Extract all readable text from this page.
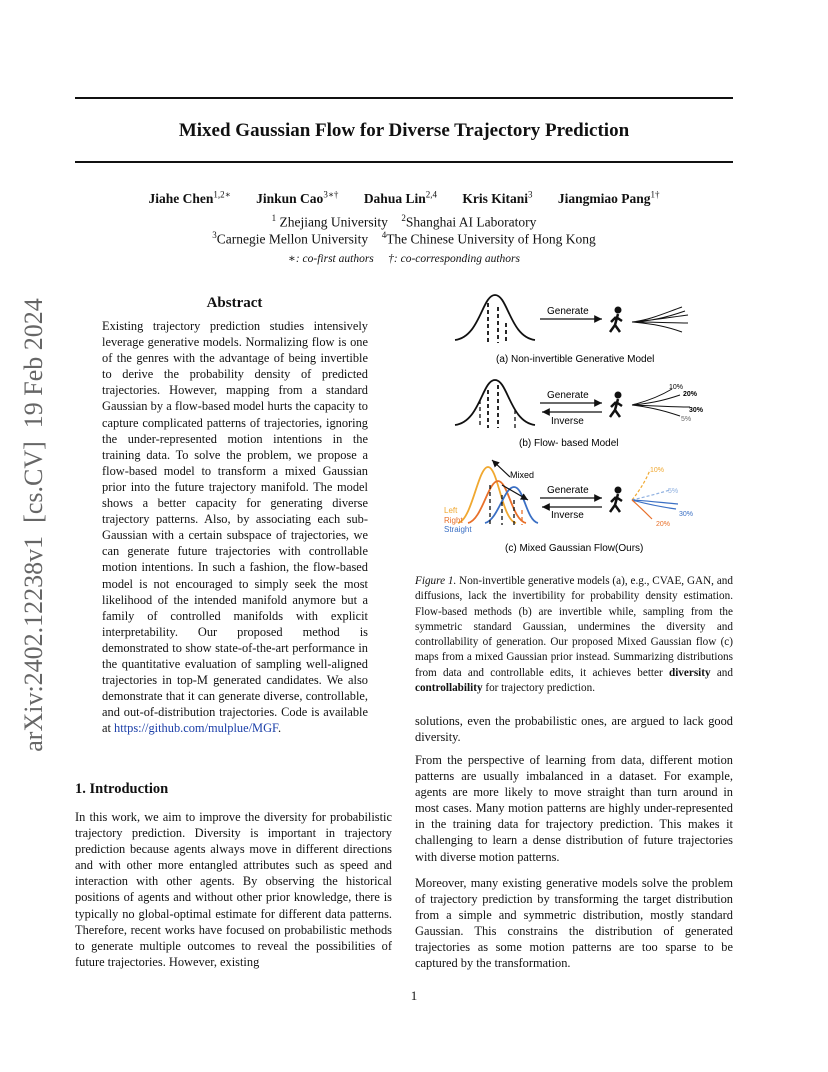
Mixed Gaussian Flow for Diverse Trajectory Prediction
Jiahe Chen$^{1,2∗}$ Jinkun Cao$^{3∗\dagger}$ Dahua Lin$^{2,4}$ Kris Kitani$^3$ Jiangmiao Pang$^{1\dagger}$
$^1$ Zhejiang University $^2$Shanghai AI Laboratory
$^3$Carnegie Mellon University $^4$The Chinese University of Hong Kong
∗: co-first authors     †: co-corresponding authors
arXiv:2402.12238v1  [cs.CV]  19 Feb 2024	Abstract
Existing trajectory prediction studies intensively leverage generative models. Normalizing flow is one of the genres with the advantage of being invertible to derive the probability density of predicted trajectories. However, mapping from a standard Gaussian by a flow-based model hurts the capacity to capture complicated patterns of trajectories, ignoring the under-represented motion intentions in the training data. To solve the problem, we propose a flow-based model to transform a mixed Gaussian prior into the future trajectory manifold. The model shows a better capacity for generating diverse trajectory patterns. Also, by associating each sub-Gaussian with a certain subspace of trajectories, we can generate future trajectories with controllable motion intentions. In such a fashion, the flow-based model is not encouraged to simply seek the most likelihood of the intended manifold anymore but a family of controlled manifolds with explicit interpretability. Our proposed method is demonstrated to show state-of-the-art performance in the quantitative evaluation of sampling well-aligned trajectories in top-M generated candidates. We also demonstrate that it can generate diverse, controllable, and out-of-distribution trajectories. Code is available at https://github.com/mulplue/MGF.
1. Introduction
In this work, we aim to improve the diversity for probabilistic trajectory prediction. Diversity is important in trajectory prediction because agents always move in different directions and with other more entangled attributes such as speed and interaction with other agents. By observing the historical positions of agents and without other prior knowledge, there is typically no global-optimal estimate for different data patterns. Therefore, recent works have focused on probabilistic methods to generate multiple outcomes to reveal the possibilities of future trajectories. However, existing
Generate
(a) Non-invertible Generative Model
Generate
Inverse
10%
20%
30%
5%
(b) Flow- based Model
Mixed
Left
Right
Straight
Generate
Inverse
10%
5%
30%
20%
(c) Mixed Gaussian Flow(Ours)
Figure 1. Non-invertible generative models (a), e.g., CVAE, GAN, and diffusions, lack the invertibility for probability density estimation. Flow-based methods (b) are invertible while, sampling from the symmetric standard Gaussian, undermines the diversity and controllability of generation. Our proposed Mixed Gaussian flow (c) maps from a mixed Gaussian prior instead. Summarizing distributions from data and controllable edits, it achieves better diversity and controllability for trajectory prediction.
solutions, even the probabilistic ones, are argued to lack good diversity.
From the perspective of learning from data, different motion patterns are usually imbalanced in a dataset. For example, agents are more likely to move straight than turn around in most cases. Many motion patterns are highly under-represented in the training data for trajectory prediction. This makes it challenging to learn a dense distribution of future trajectories with diverse motion patterns.
Moreover, many existing generative models solve the problem of trajectory prediction by transforming the target distribution from a simple and symmetric distribution, mostly standard Gaussian. This constrains the distribution of generated trajectories as some motion patterns are too sparse to be captured by the transformation.
1
